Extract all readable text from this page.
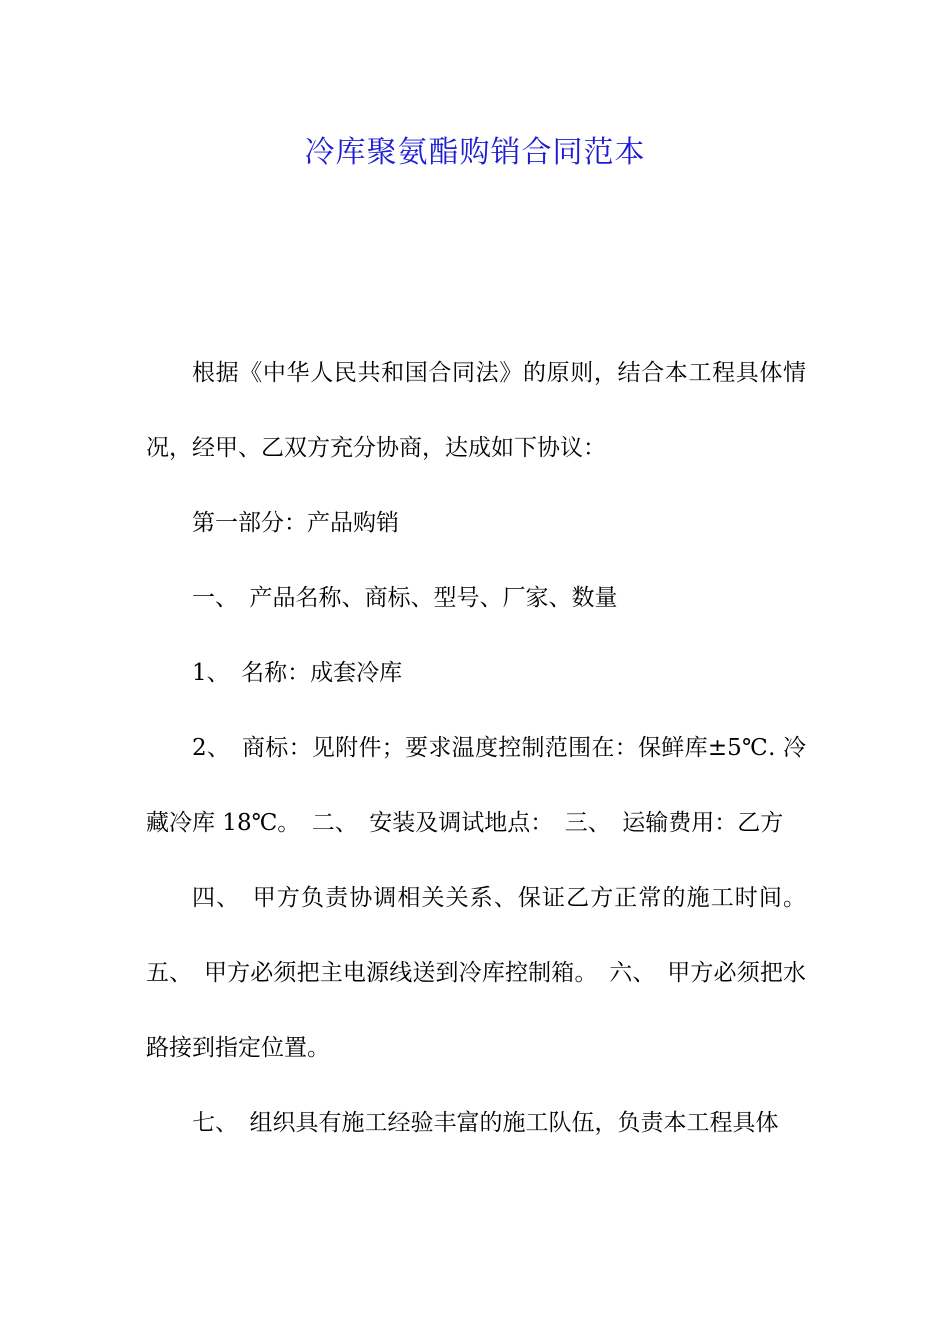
冷库聚氨酯购销合同范本

根据《中华人民共和国合同法》的原则，结合本工程具体情况，经甲、乙双方充分协商，达成如下协议：

第一部分：产品购销

一、　产品名称、商标、型号、厂家、数量

1、　名称：成套冷库

2、　商标：见附件；要求温度控制范围在：保鲜库±5℃. 冷藏冷库 18℃。　二、　安装及调试地点：　三、　运输费用：乙方

四、　甲方负责协调相关关系、保证乙方正常的施工时间。 五、　甲方必须把主电源线送到冷库控制箱。　六、　甲方必须把水路接到指定位置。

七、　组织具有施工经验丰富的施工队伍，负责本工程具体
